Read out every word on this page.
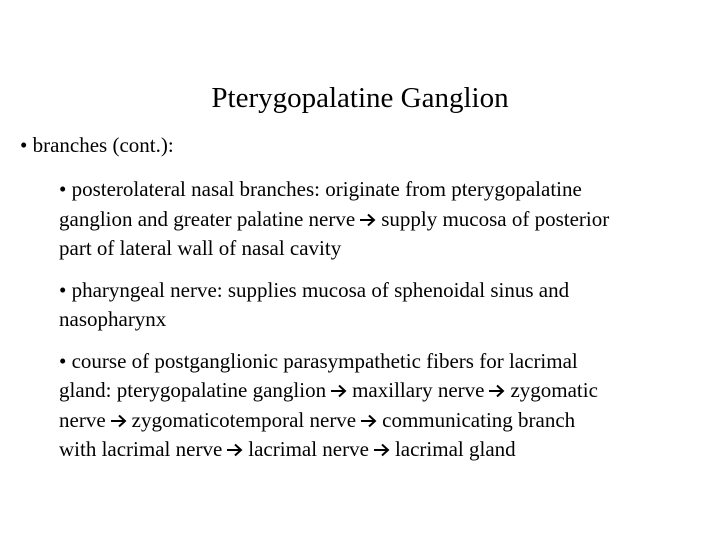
Pterygopalatine Ganglion
• branches (cont.):
• posterolateral nasal branches: originate from pterygopalatine
ganglion and greater palatine nerve supply mucosa of posterior
part of lateral wall of nasal cavity
• pharyngeal nerve: supplies mucosa of sphenoidal sinus and
nasopharynx
• course of postganglionic parasympathetic fibers for lacrimal
gland: pterygopalatine ganglion maxillary nerve zygomatic
nerve zygomaticotemporal nerve communicating branch
with lacrimal nerve lacrimal nerve lacrimal gland
